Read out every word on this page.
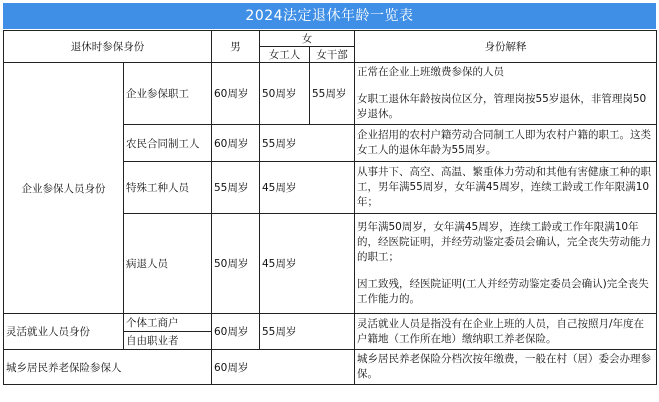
2024法定退休年龄一览表
退休时参保身份		男	女		身份解释
			女工人	女干部	
企业参保人员身份	企业参保职工	60周岁	50周岁	55周岁	正常在企业上班缴费参保的人员

女职工退休年龄按岗位区分，管理岗按55岁退休，非管理岗50岁退休。

	农民合同制工人	60周岁	55周岁		企业招用的农村户籍劳动合同制工人即为农村户籍的职工。这类女工人的退休年龄为55周岁。
	特殊工种人员	55周岁	45周岁		从事井下、高空、高温、繁重体力劳动和其他有害健康工种的职工，男年满55周岁，女年满45周岁，连续工龄或工作年限满10年；
	病退人员	50周岁	45周岁		男年满50周岁，女年满45周岁，连续工龄或工作年限满10年的，经医院证明，并经劳动鉴定委员会确认，完全丧失劳动能力的职工；

因工致残，经医院证明(工人并经劳动鉴定委员会确认)完全丧失工作能力的。

灵活就业人员身份	个体工商户	60周岁	55周岁		灵活就业人员是指没有在企业上班的人员，自己按照月/年度在户籍地（工作所在地）缴纳职工养老保险。
	自由职业者				
城乡居民养老保险参保人		60周岁			城乡居民养老保险分档次按年缴费，一般在村（居）委会办理参保。
